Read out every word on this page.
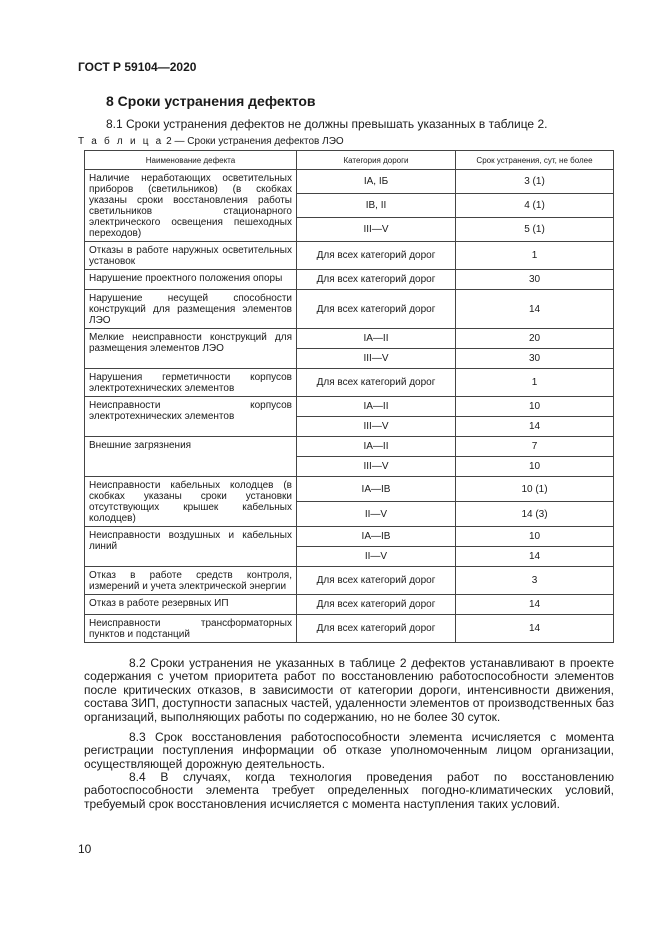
ГОСТ Р 59104—2020
8 Сроки устранения дефектов
8.1 Сроки устранения дефектов не должны превышать указанных в таблице 2.
Т а б л и ц а 2 — Сроки устранения дефектов ЛЭО
Наименование дефекта	Категория дороги	Срок устранения, сут, не более
Наличие неработающих осветительных приборов (светильников) (в скобках указаны сроки восстановления работы светильников стационарного электрического освещения пешеходных переходов)	IA, IБ	3 (1)
	IB, II	4 (1)
	III—V	5 (1)
Отказы в работе наружных осветительных установок	Для всех категорий дорог	1
Нарушение проектного положения опоры	Для всех категорий дорог	30
Нарушение несущей способности конструкций для размещения элементов ЛЭО	Для всех категорий дорог	14
Мелкие неисправности конструкций для размещения элементов ЛЭО	IA—II	20
	III—V	30
Нарушения герметичности корпусов электротехнических элементов	Для всех категорий дорог	1
Неисправности корпусов электротехнических элементов	IA—II	10
	III—V	14
Внешние загрязнения	IA—II	7
	III—V	10
Неисправности кабельных колодцев (в скобках указаны сроки установки отсутствующих крышек кабельных колодцев)	IA—IB	10 (1)
	II—V	14 (3)
Неисправности воздушных и кабельных линий	IA—IB	10
	II—V	14
Отказ в работе средств контроля, измерений и учета электрической энергии	Для всех категорий дорог	3
Отказ в работе резервных ИП	Для всех категорий дорог	14
Неисправности трансформаторных пунктов и подстанций	Для всех категорий дорог	14

8.2 Сроки устранения не указанных в таблице 2 дефектов устанавливают в проекте содержания с учетом приоритета работ по восстановлению работоспособности элементов после критических отказов, в зависимости от категории дороги, интенсивности движения, состава ЗИП, доступности запасных частей, удаленности элементов от производственных баз организаций, выполняющих работы по содержанию, но не более 30 суток.

8.3 Срок восстановления работоспособности элемента исчисляется с момента регистрации поступления информации об отказе уполномоченным лицом организации, осуществляющей дорожную деятельность.

8.4 В случаях, когда технология проведения работ по восстановлению работоспособности элемента требует определенных погодно-климатических условий, требуемый срок восстановления исчисляется с момента наступления таких условий.

10
